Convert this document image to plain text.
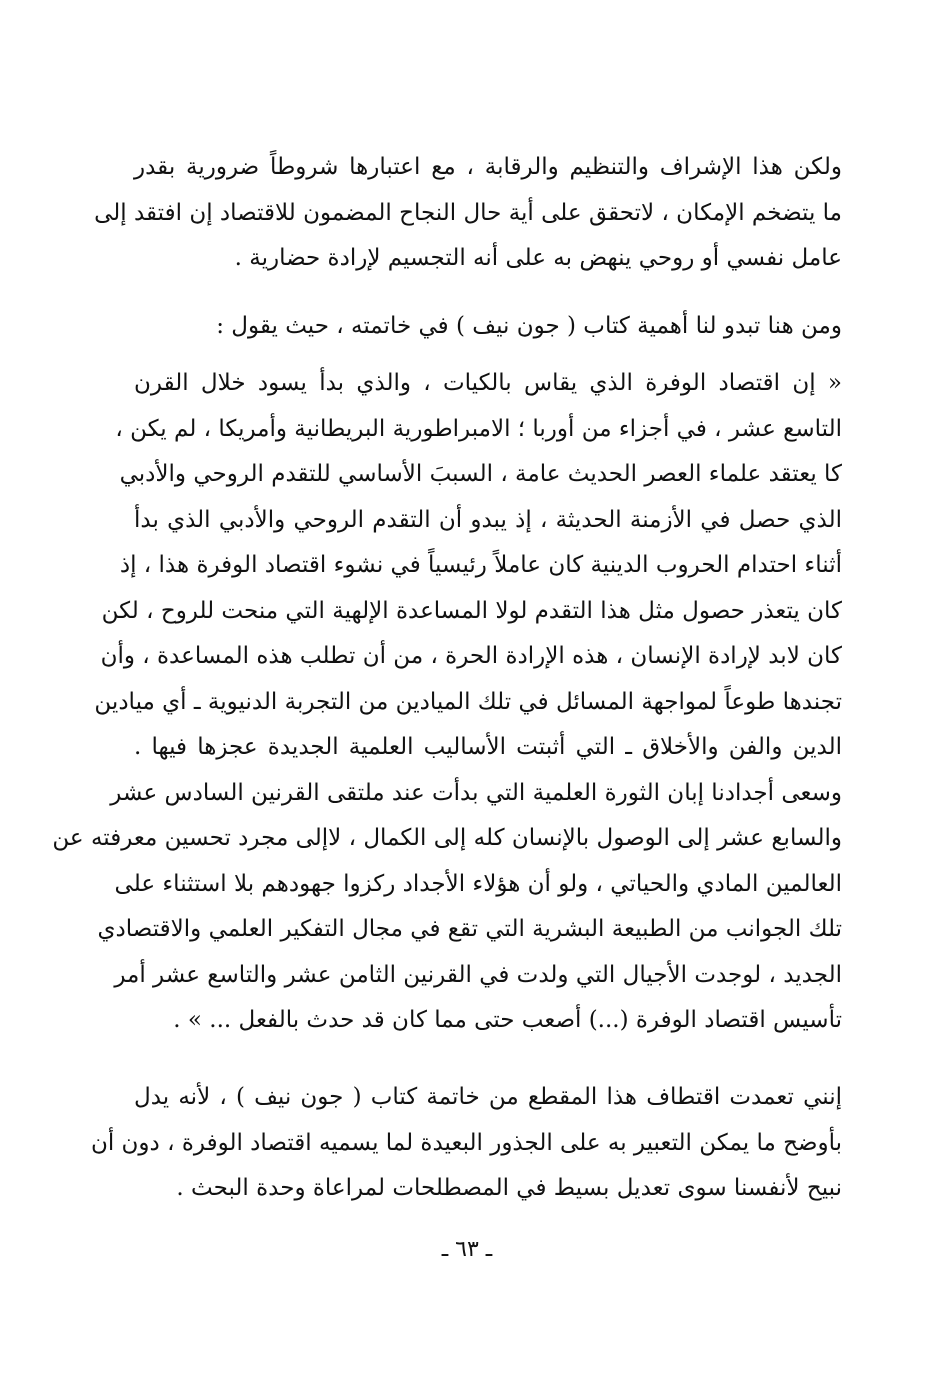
ولكن هذا الإشراف والتنظيم والرقابة ، مع اعتبارها شروطاً ضرورية بقدر
ما يتضخم الإمكان ، لاتحقق على أية حال النجاح المضمون للاقتصاد إن افتقد إلى
عامل نفسي أو روحي ينهض به على أنه التجسيم لإرادة حضارية .
ومن هنا تبدو لنا أهمية كتاب ( جون نيف ) في خاتمته ، حيث يقول :
« إن اقتصاد الوفرة الذي يقاس بالكيات ، والذي بدأ يسود خلال القرن
التاسع عشر ، في أجزاء من أوربا ؛ الامبراطورية البريطانية وأمريكا ، لم يكن ،
كا يعتقد علماء العصر الحديث عامة ، السببَ الأساسي للتقدم الروحي والأدبي
الذي حصل في الأزمنة الحديثة ، إذ يبدو أن التقدم الروحي والأدبي الذي بدأ
أثناء احتدام الحروب الدينية كان عاملاً رئيسياً في نشوء اقتصاد الوفرة هذا ، إذ
كان يتعذر حصول مثل هذا التقدم لولا المساعدة الإلهية التي منحت للروح ، لكن
كان لابد لإرادة الإنسان ، هذه الإرادة الحرة ، من أن تطلب هذه المساعدة ، وأن
تجندها طوعاً لمواجهة المسائل في تلك الميادين من التجربة الدنيوية ـ أي ميادين
الدين والفن والأخلاق ـ التي أثبتت الأساليب العلمية الجديدة عجزها فيها .
وسعى أجدادنا إبان الثورة العلمية التي بدأت عند ملتقى القرنين السادس عشر
والسابع عشر إلى الوصول بالإنسان كله إلى الكمال ، لاإلى مجرد تحسين معرفته عن
العالمين المادي والحياتي ، ولو أن هؤلاء الأجداد ركزوا جهودهم بلا استثناء على
تلك الجوانب من الطبيعة البشرية التي تقع في مجال التفكير العلمي والاقتصادي
الجديد ، لوجدت الأجيال التي ولدت في القرنين الثامن عشر والتاسع عشر أمر
تأسيس اقتصاد الوفرة (...) أصعب حتى مما كان قد حدث بالفعل ... » .
إنني تعمدت اقتطاف هذا المقطع من خاتمة كتاب ( جون نيف ) ، لأنه يدل
بأوضح ما يمكن التعبير به على الجذور البعيدة لما يسميه اقتصاد الوفرة ، دون أن
نبيح لأنفسنا سوى تعديل بسيط في المصطلحات لمراعاة وحدة البحث .
ـ ٦٣ ـ
